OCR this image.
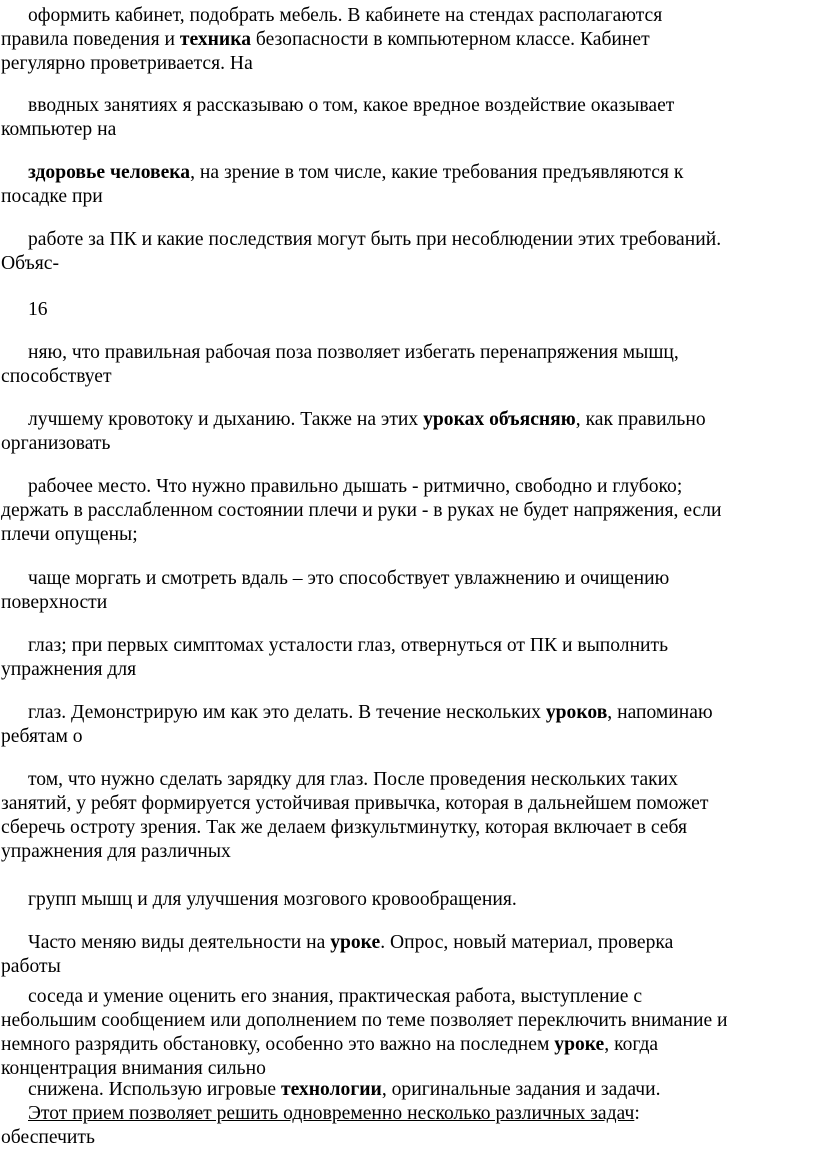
оформить кабинет, подобрать мебель. В кабинете на стендах располагаются
правила поведения и техника безопасности в компьютерном классе. Кабинет
регулярно проветривается. На
вводных занятиях я рассказываю о том, какое вредное воздействие оказывает
компьютер на
здоровье человека, на зрение в том числе, какие требования предъявляются к
посадке при
работе за ПК и какие последствия могут быть при несоблюдении этих требований.
Объяс-
16
няю, что правильная рабочая поза позволяет избегать перенапряжения мышц,
способствует
лучшему кровотоку и дыханию. Также на этих уроках объясняю, как правильно
организовать
рабочее место. Что нужно правильно дышать - ритмично, свободно и глубоко;
держать в расслабленном состоянии плечи и руки - в руках не будет напряжения, если
плечи опущены;
чаще моргать и смотреть вдаль – это способствует увлажнению и очищению
поверхности
глаз; при первых симптомах усталости глаз, отвернуться от ПК и выполнить
упражнения для
глаз. Демонстрирую им как это делать. В течение нескольких уроков, напоминаю
ребятам о
том, что нужно сделать зарядку для глаз. После проведения нескольких таких
занятий, у ребят формируется устойчивая привычка, которая в дальнейшем поможет
сберечь остроту зрения. Так же делаем физкультминутку, которая включает в себя
упражнения для различных
групп мышц и для улучшения мозгового кровообращения.
Часто меняю виды деятельности на уроке. Опрос, новый материал, проверка
работы
соседа и умение оценить его знания, практическая работа, выступление с
небольшим сообщением или дополнением по теме позволяет переключить внимание и
немного разрядить обстановку, особенно это важно на последнем уроке, когда
концентрация внимания сильно
снижена. Использую игровые технологии, оригинальные задания и задачи.
Этот прием позволяет решить одновременно несколько различных задач:
обеспечить
